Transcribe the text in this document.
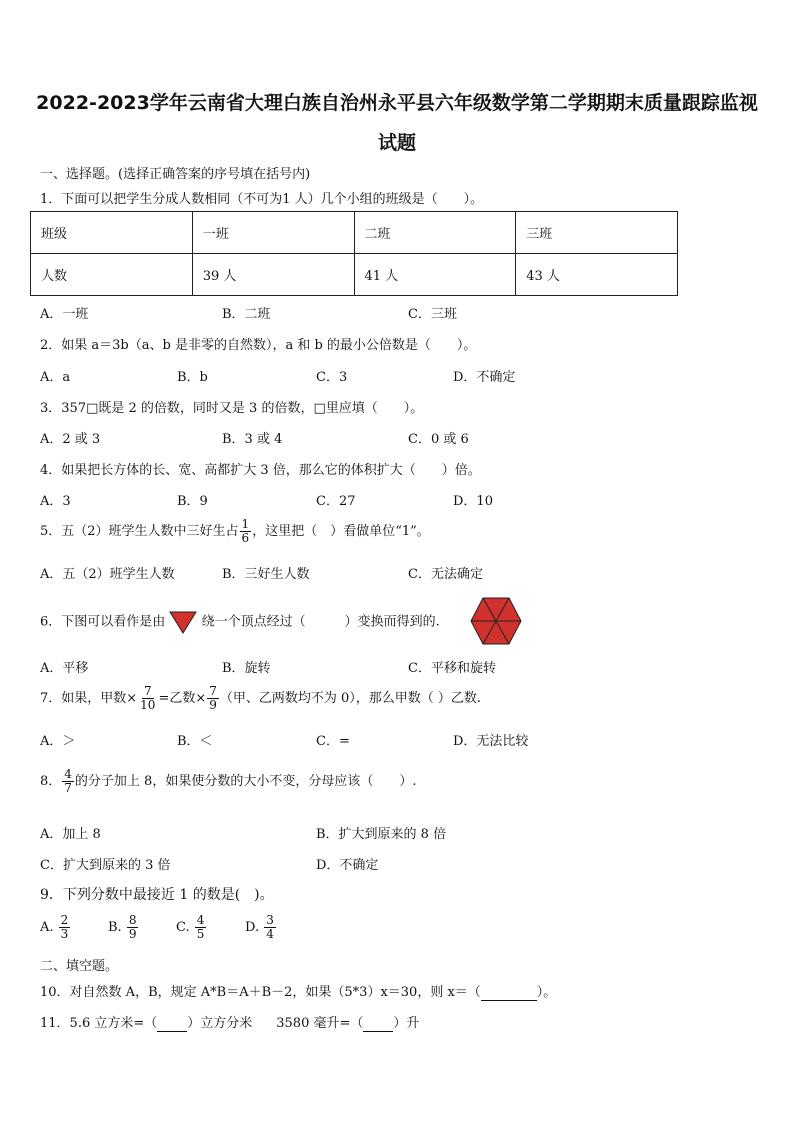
2022-2023学年云南省大理白族自治州永平县六年级数学第二学期期末质量跟踪监视
试题
一、选择题。(选择正确答案的序号填在括号内)
1．下面可以把学生分成人数相同（不可为1 人）几个小组的班级是（　　）。
班级	一班	二班	三班
人数	39 人	41 人	43 人
A．一班	B．二班	C．三班
2．如果 a＝3b（a、b 是非零的自然数），a 和 b 的最小公倍数是（　　）。
A．a	B．b	C．3	D．不确定
3．357□既是 2 的倍数，同时又是 3 的倍数，□里应填（　　）。
A．2 或 3	B．3 或 4	C．0 或 6
4．如果把长方体的长、宽、高都扩大 3 倍，那么它的体积扩大（　　）倍。
A．3	B．9	C．27	D．10
5．五（2）班学生人数中三好生占 $\frac{1}{6}$ ，这里把（　）看做单位“1”。
A．五（2）班学生人数	B．三好生人数	C．无法确定
6．下图可以看作是由	绕一个顶点经过（　　　）变换而得到的.
A．平移	B．旋转	C．平移和旋转
7．如果，甲数× $\frac{7}{10}$ =乙数× $\frac{7}{9}$ （甲、乙两数均不为 0），那么甲数（ ）乙数.
A．＞	B．＜	C．=	D．无法比较
8． $\frac{4}{7}$ 的分子加上 8，如果使分数的大小不变，分母应该（　　）.
A．加上 8	B．扩大到原来的 8 倍
C．扩大到原来的 3 倍	D．不确定
9．下列分数中最接近 1 的数是(　)。
A. $\frac{2}{3}$	B. $\frac{8}{9}$	C. $\frac{4}{5}$	D. $\frac{3}{4}$
二、填空题。
10．对自然数 A，B，规定 A*B＝A＋B－2，如果（5*3）x＝30，则 x＝（	）。
11．5.6 立方米=（ ）立方分米 3580 毫升=（ ）升
